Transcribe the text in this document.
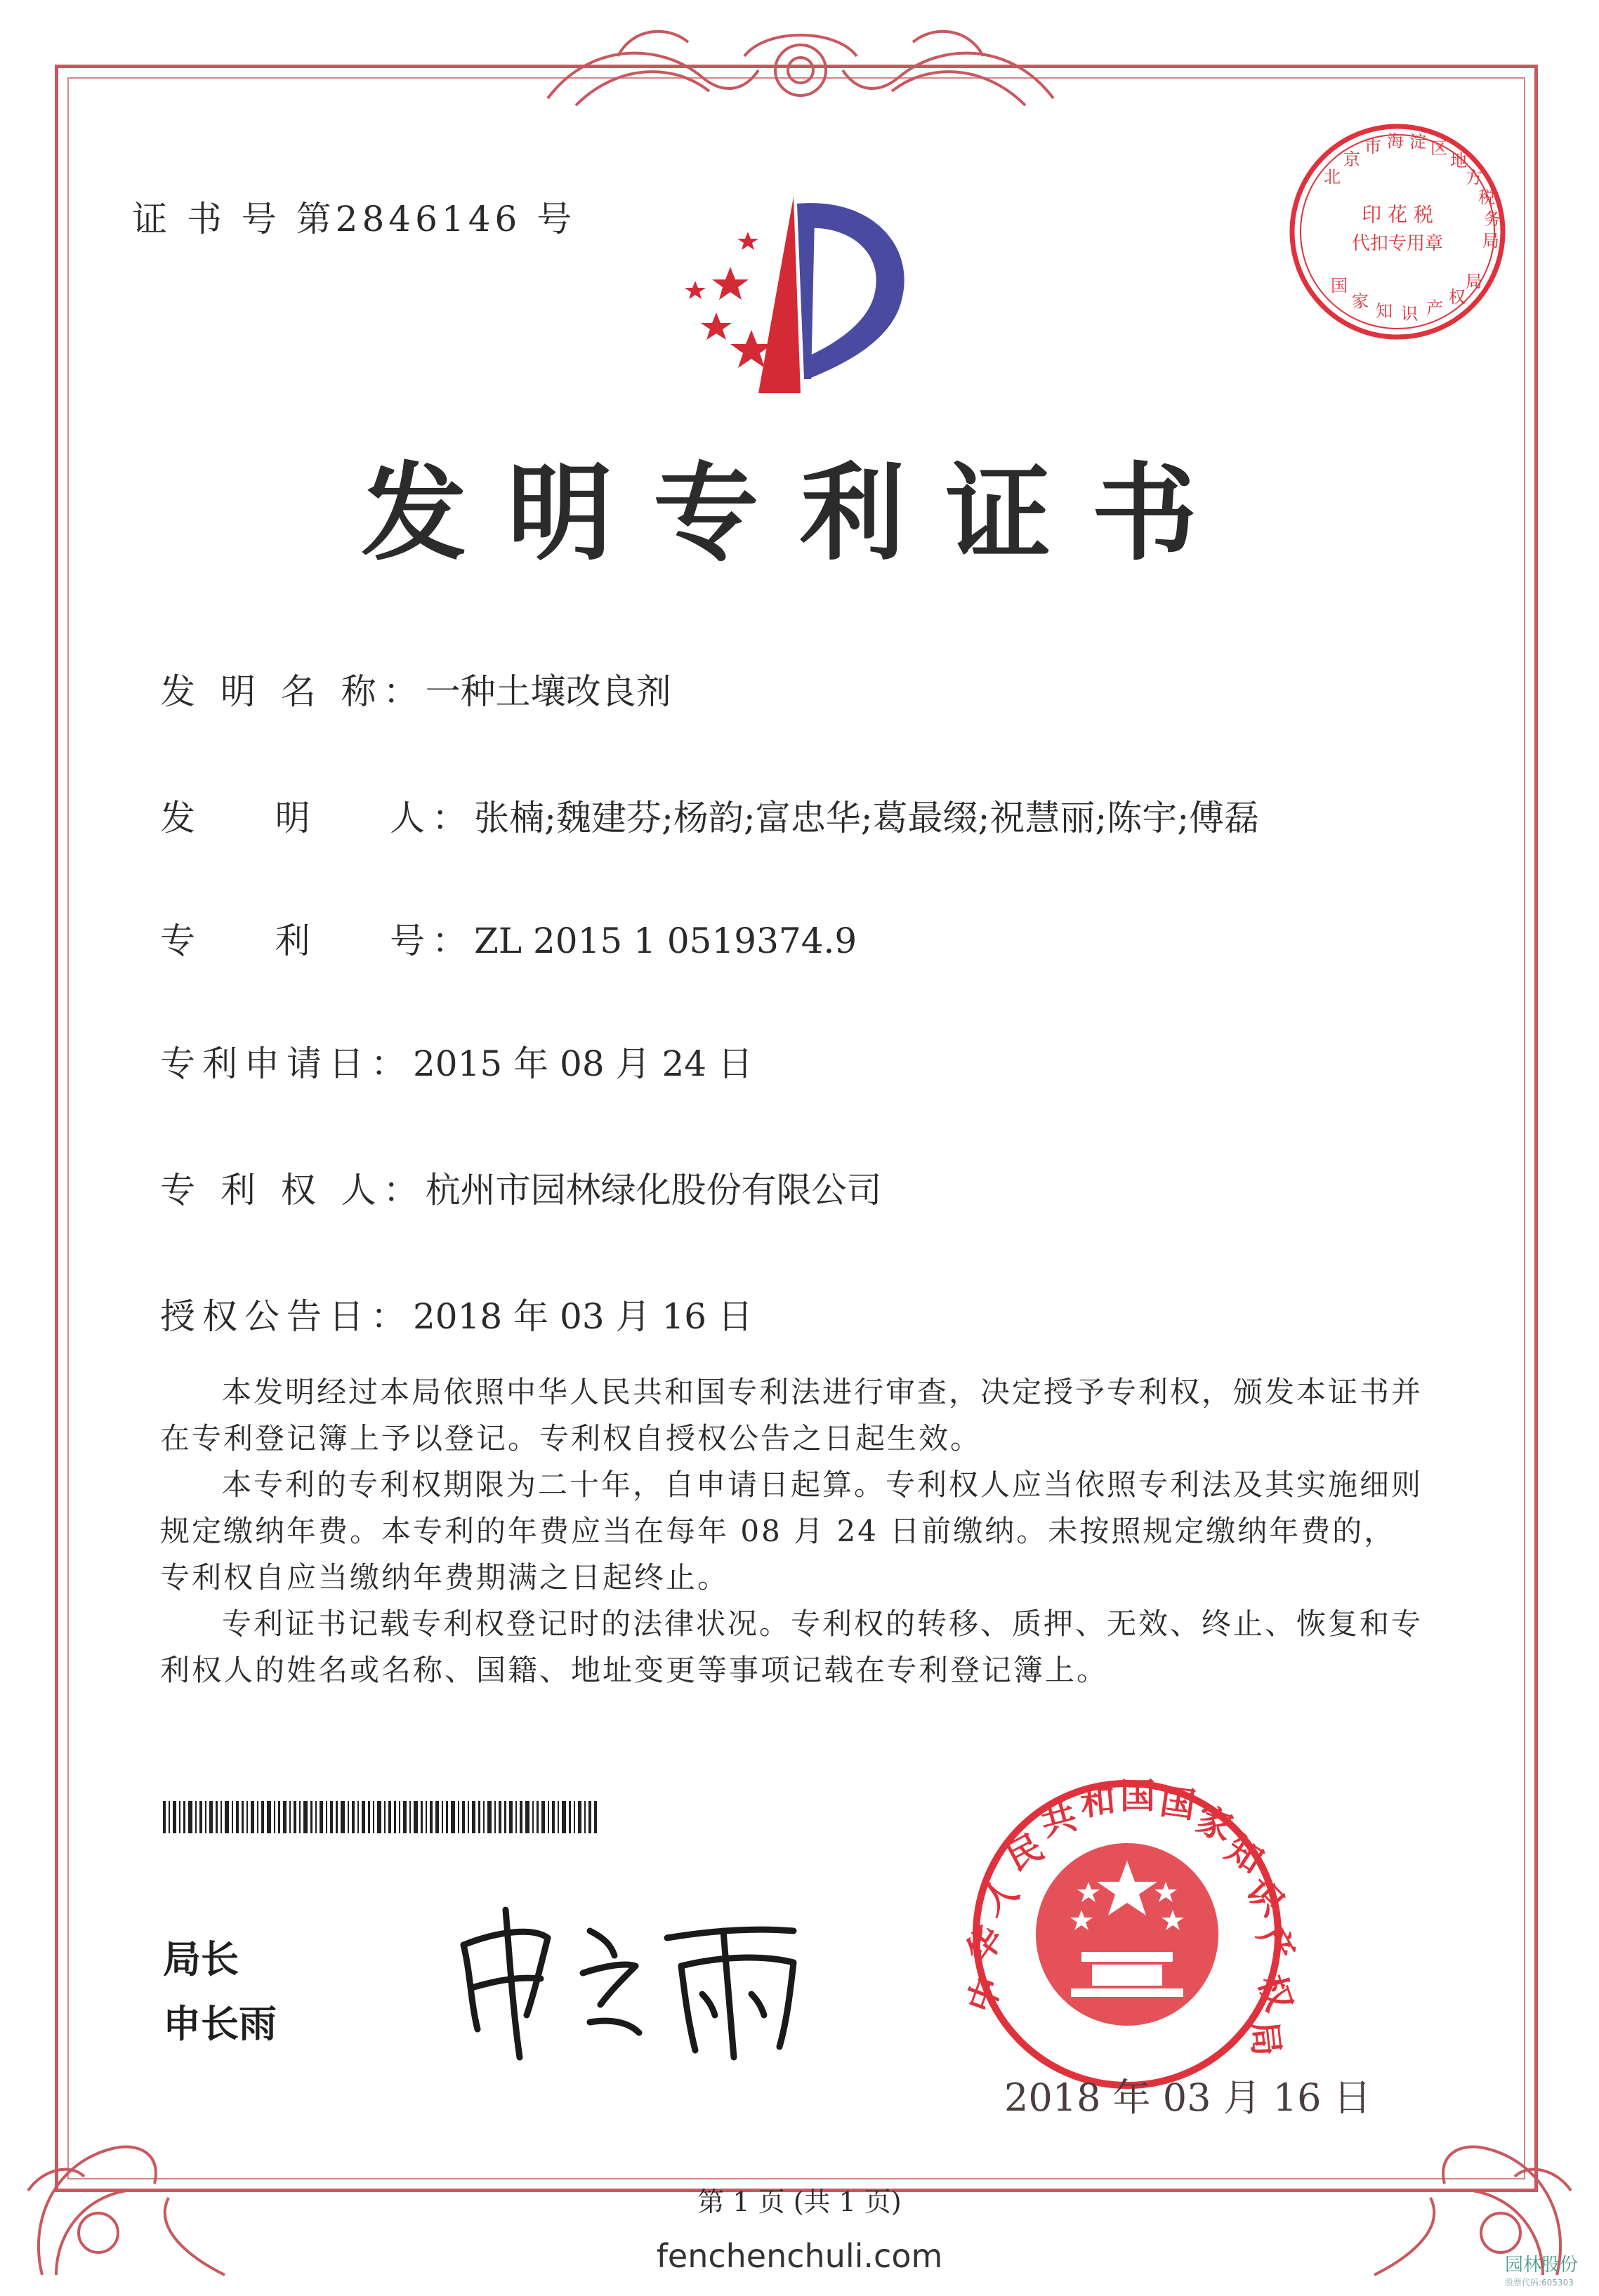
证 书 号 第2846146 号	印 花 税
代扣专用章
北
京
市 海 淀 区
地
方
税
务
局
国
家 知 识 产
权
局
发明专利证书
发 明 名 称：一种土壤改良剂
发    明    人：张楠;魏建芬;杨韵;富忠华;葛最缀;祝慧丽;陈宇;傅磊
专    利    号：ZL 2015 1 0519374.9
专利申请日：2015 年 08 月 24 日
专 利 权 人：杭州市园林绿化股份有限公司
授权公告日：2018 年 03 月 16 日

本发明经过本局依照中华人民共和国专利法进行审查，决定授予专利权，颁发本证书并在专利登记簿上予以登记。专利权自授权公告之日起生效。

本专利的专利权期限为二十年，自申请日起算。专利权人应当依照专利法及其实施细则规定缴纳年费。本专利的年费应当在每年 08 月 24 日前缴纳。未按照规定缴纳年费的，专利权自应当缴纳年费期满之日起终止。

专利证书记载专利权登记时的法律状况。专利权的转移、质押、无效、终止、恢复和专利权人的姓名或名称、国籍、地址变更等事项记载在专利登记簿上。

局长
申长雨
中
华
人
民
共
和 国 国
家
知
识
产
权
局
2018 年 03 月 16 日
第 1 页 (共 1 页)
fenchenchuli.com	园林股份
股票代码:605303
